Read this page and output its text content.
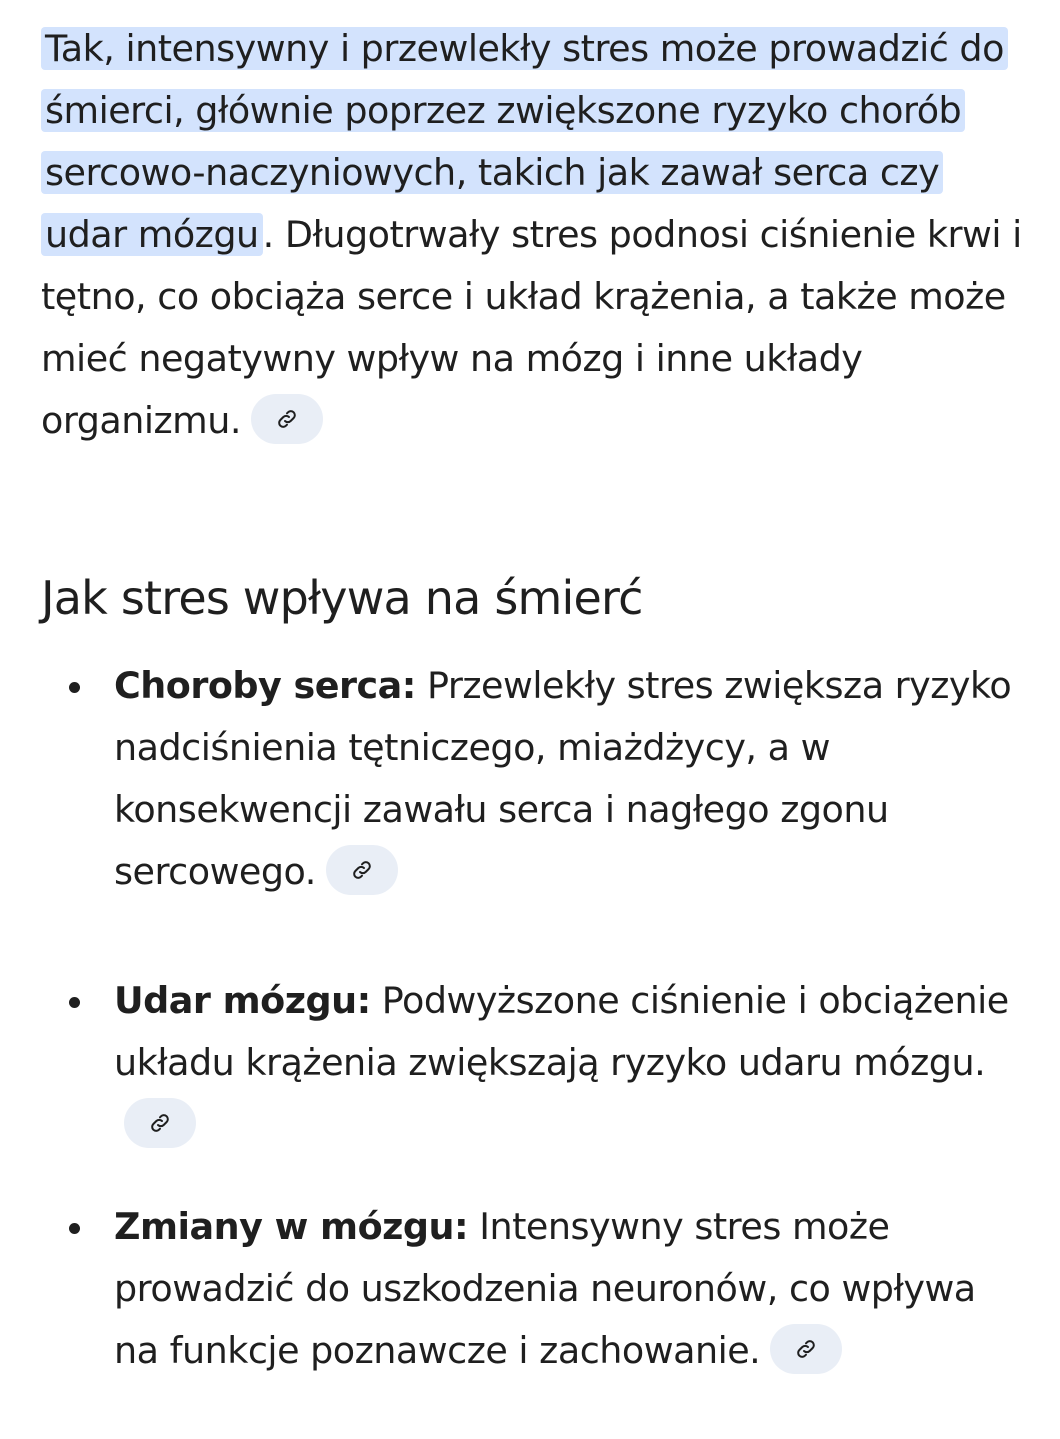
Tak, intensywny i przewlekły stres może prowadzić do śmierci, głównie poprzez zwiększone ryzyko chorób sercowo-naczyniowych, takich jak zawał serca czy udar mózgu . Długotrwały stres podnosi ciśnienie krwi i tętno, co obciąża serce i układ krążenia, a także może mieć negatywny wpływ na mózg i inne układy organizmu.

Jak stres wpływa na śmierć
Choroby serca: Przewlekły stres zwiększa ryzyko nadciśnienia tętniczego, miażdżycy, a w konsekwencji zawału serca i nagłego zgonu sercowego.
Udar mózgu: Podwyższone ciśnienie i obciążenie układu krążenia zwiększają ryzyko udaru mózgu.
Zmiany w mózgu: Intensywny stres może prowadzić do uszkodzenia neuronów, co wpływa na funkcje poznawcze i zachowanie.
